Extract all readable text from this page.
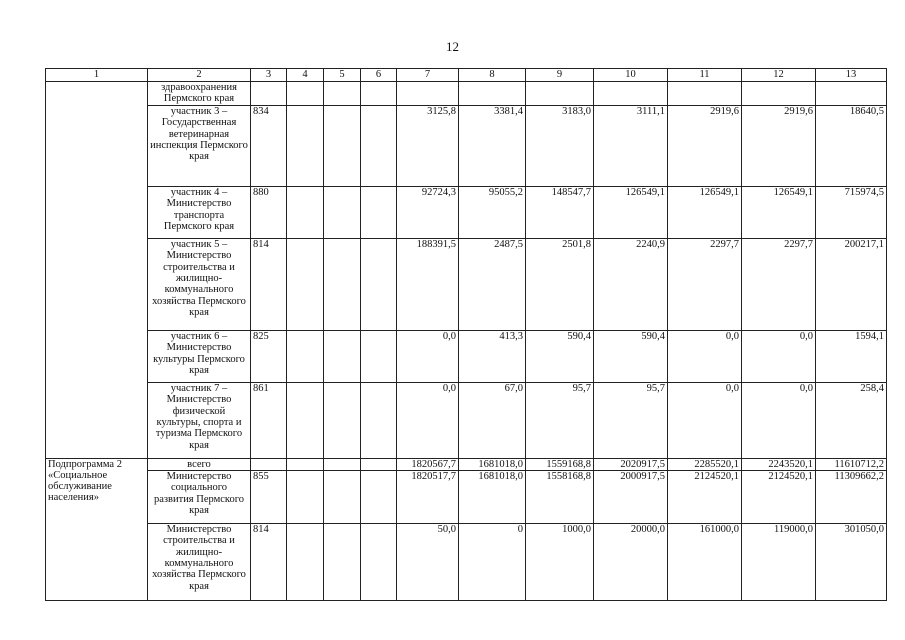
12
1	2	3	4	5	6	7	8	9	10	11	12	13
	здравоохранения Пермского края											
	участник 3 – Государственная ветеринарная инспекция Пермского края	834				3125,8	3381,4	3183,0	3111,1	2919,6	2919,6	18640,5
	участник 4 – Министерство транспорта Пермского края	880				92724,3	95055,2	148547,7	126549,1	126549,1	126549,1	715974,5
	участник 5 – Министерство строительства и жилищно-коммунального хозяйства Пермского края	814				188391,5	2487,5	2501,8	2240,9	2297,7	2297,7	200217,1
	участник 6 – Министерство культуры Пермского края	825				0,0	413,3	590,4	590,4	0,0	0,0	1594,1
	участник 7 – Министерство физической культуры, спорта и туризма Пермского края	861				0,0	67,0	95,7	95,7	0,0	0,0	258,4
Подпрограмма 2 «Социальное обслуживание населения»	всего					1820567,7	1681018,0	1559168,8	2020917,5	2285520,1	2243520,1	11610712,2
	Министерство социального развития Пермского края	855				1820517,7	1681018,0	1558168,8	2000917,5	2124520,1	2124520,1	11309662,2
	Министерство строительства и жилищно-коммунального хозяйства Пермского края	814				50,0	0	1000,0	20000,0	161000,0	119000,0	301050,0
